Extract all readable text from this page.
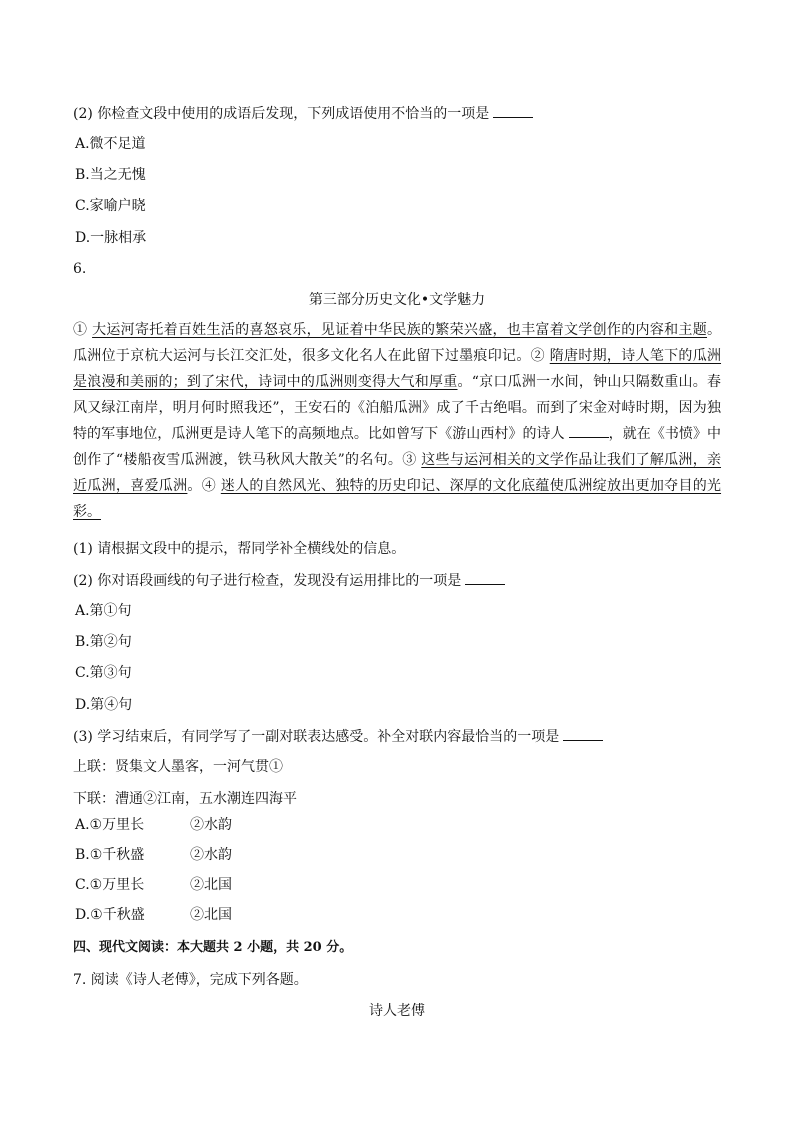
(2) 你检查文段中使用的成语后发现，下列成语使用不恰当的一项是
A.微不足道
B.当之无愧
C.家喻户晓
D.一脉相承
6.
第三部分历史文化•文学魅力
① 大运河寄托着百姓生活的喜怒哀乐，见证着中华民族的繁荣兴盛，也丰富着文学创作的内容和主题。瓜洲位于京杭大运河与长江交汇处，很多文化名人在此留下过墨痕印记。② 隋唐时期，诗人笔下的瓜洲是浪漫和美丽的；到了宋代，诗词中的瓜洲则变得大气和厚重。“京口瓜洲一水间，钟山只隔数重山。春风又绿江南岸，明月何时照我还”，王安石的《泊船瓜洲》成了千古绝唱。而到了宋金对峙时期，因为独特的军事地位，瓜洲更是诗人笔下的高频地点。比如曾写下《游山西村》的诗人	，就在《书愤》中创作了“楼船夜雪瓜洲渡，铁马秋风大散关”的名句。③ 这些与运河相关的文学作品让我们了解瓜洲，亲近瓜洲，喜爱瓜洲。④ 迷人的自然风光、独特的历史印记、深厚的文化底蕴使瓜洲绽放出更加夺目的光彩。
(1) 请根据文段中的提示，帮同学补全横线处的信息。
(2) 你对语段画线的句子进行检查，发现没有运用排比的一项是
A.第①句
B.第②句
C.第③句
D.第④句
(3) 学习结束后，有同学写了一副对联表达感受。补全对联内容最恰当的一项是
上联：贤集文人墨客，一河气贯①
下联：漕通②江南，五水潮连四海平
A.①万里长	②水韵
B.①千秋盛	②水韵
C.①万里长	②北国
D.①千秋盛	②北国
四、现代文阅读：本大题共 2 小题，共 20 分。
7. 阅读《诗人老傅》，完成下列各题。
诗人老傅
